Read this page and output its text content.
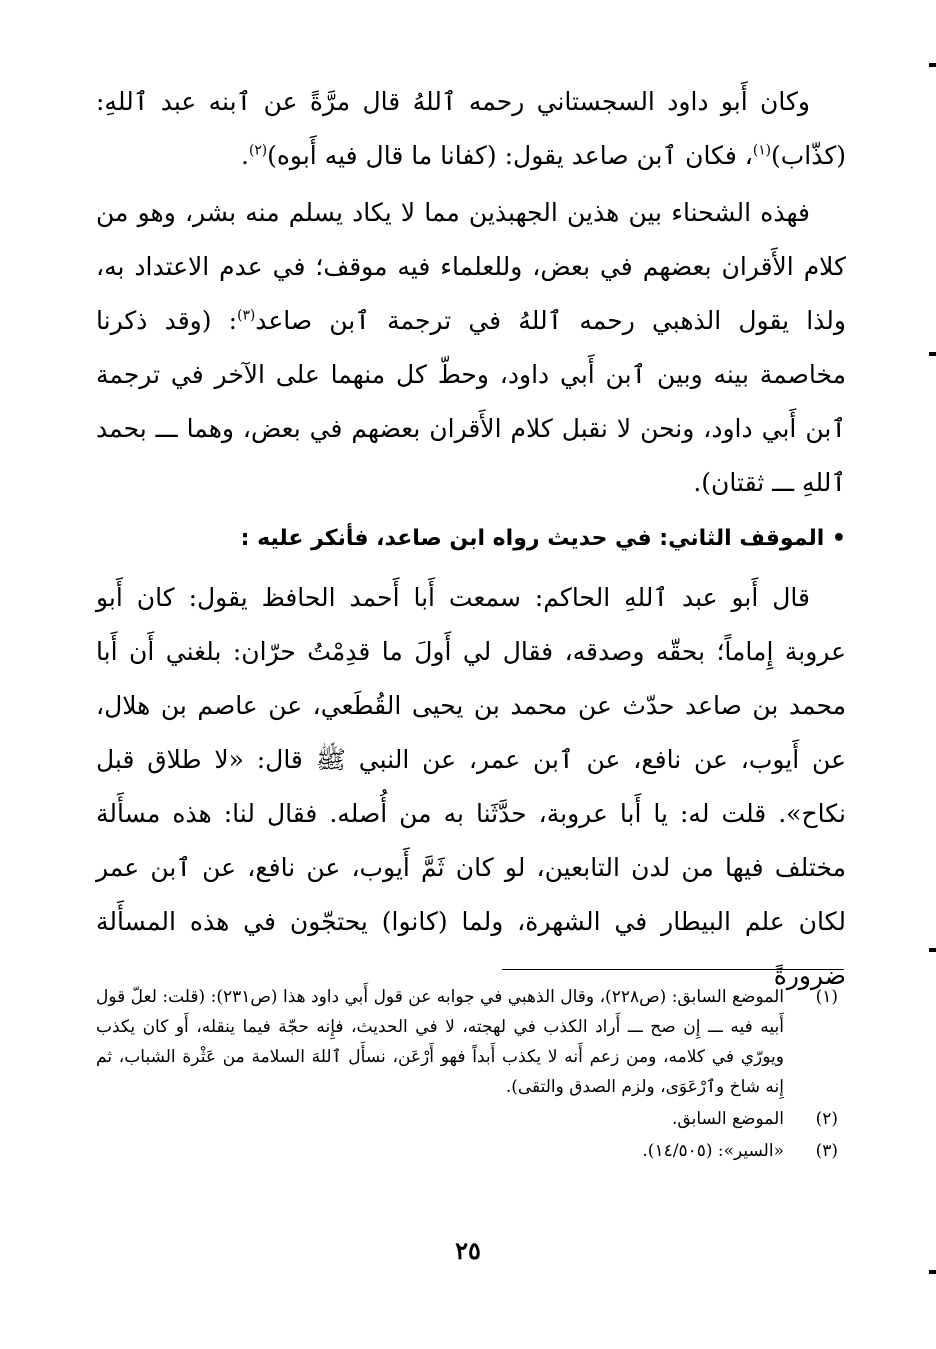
وكان أَبو داود السجستاني رحمه ٱللهُ قال مرَّةً عن ٱبنه عبد ٱللهِ: (كذّاب)$^{(١)}$، فكان ٱبن صاعد يقول: (كفانا ما قال فيه أَبوه)$^{(٢)}$.

فهذه الشحناء بين هذين الجهبذين مما لا يكاد يسلم منه بشر، وهو من كلام الأَقران بعضهم في بعض، وللعلماء فيه موقف؛ في عدم الاعتداد به، ولذا يقول الذهبي رحمه ٱللهُ في ترجمة ٱبن صاعد$^{(٣)}$: (وقد ذكرنا مخاصمة بينه وبين ٱبن أَبي داود، وحطّ كل منهما على الآخر في ترجمة ٱبن أَبي داود، ونحن لا نقبل كلام الأَقران بعضهم في بعض، وهما ـــ بحمد ٱللهِ ـــ ثقتان).

• الموقف الثاني: في حديث رواه ابن صاعد، فأنكر عليه :

قال أَبو عبد ٱللهِ الحاكم: سمعت أَبا أَحمد الحافظ يقول: كان أَبو عروبة إِماماً؛ بحقّه وصدقه، فقال لي أَولَ ما قدِمْتُ حرّان: بلغني أَن أَبا محمد بن صاعد حدّث عن محمد بن يحيى القُطَعي، عن عاصم بن هلال، عن أَيوب، عن نافع، عن ٱبن عمر، عن النبي ﷺ قال: «لا طلاق قبل نكاح». قلت له: يا أَبا عروبة، حدَّثَنا به من أُصله. فقال لنا: هذه مسأَلة مختلف فيها من لدن التابعين، لو كان ثَمَّ أَيوب، عن نافع، عن ٱبن عمر لكان علم البيطار في الشهرة، ولما (كانوا) يحتجّون في هذه المسأَلة ضرورةً

(١)
الموضع السابق: (ص٢٢٨)، وقال الذهبي في جوابه عن قول أَبي داود هذا (ص٢٣١): (قلت: لعلّ قول أَبيه فيه ـــ إِن صح ـــ أَراد الكذب في لهجته، لا في الحديث، فإِنه حجّة فيما ينقله، أَو كان يكذب ويورّي في كلامه، ومن زعم أَنه لا يكذب أَبداً فهو أَرْعَن، نسأَل ٱللهَ السلامة من عَثْرة الشباب، ثم إِنه شاخ وٱرْعَوَى، ولزم الصدق والتقى).
(٢)
الموضع السابق.
(٣)
«السير»: (١٤/٥٠٥).
٢٥
